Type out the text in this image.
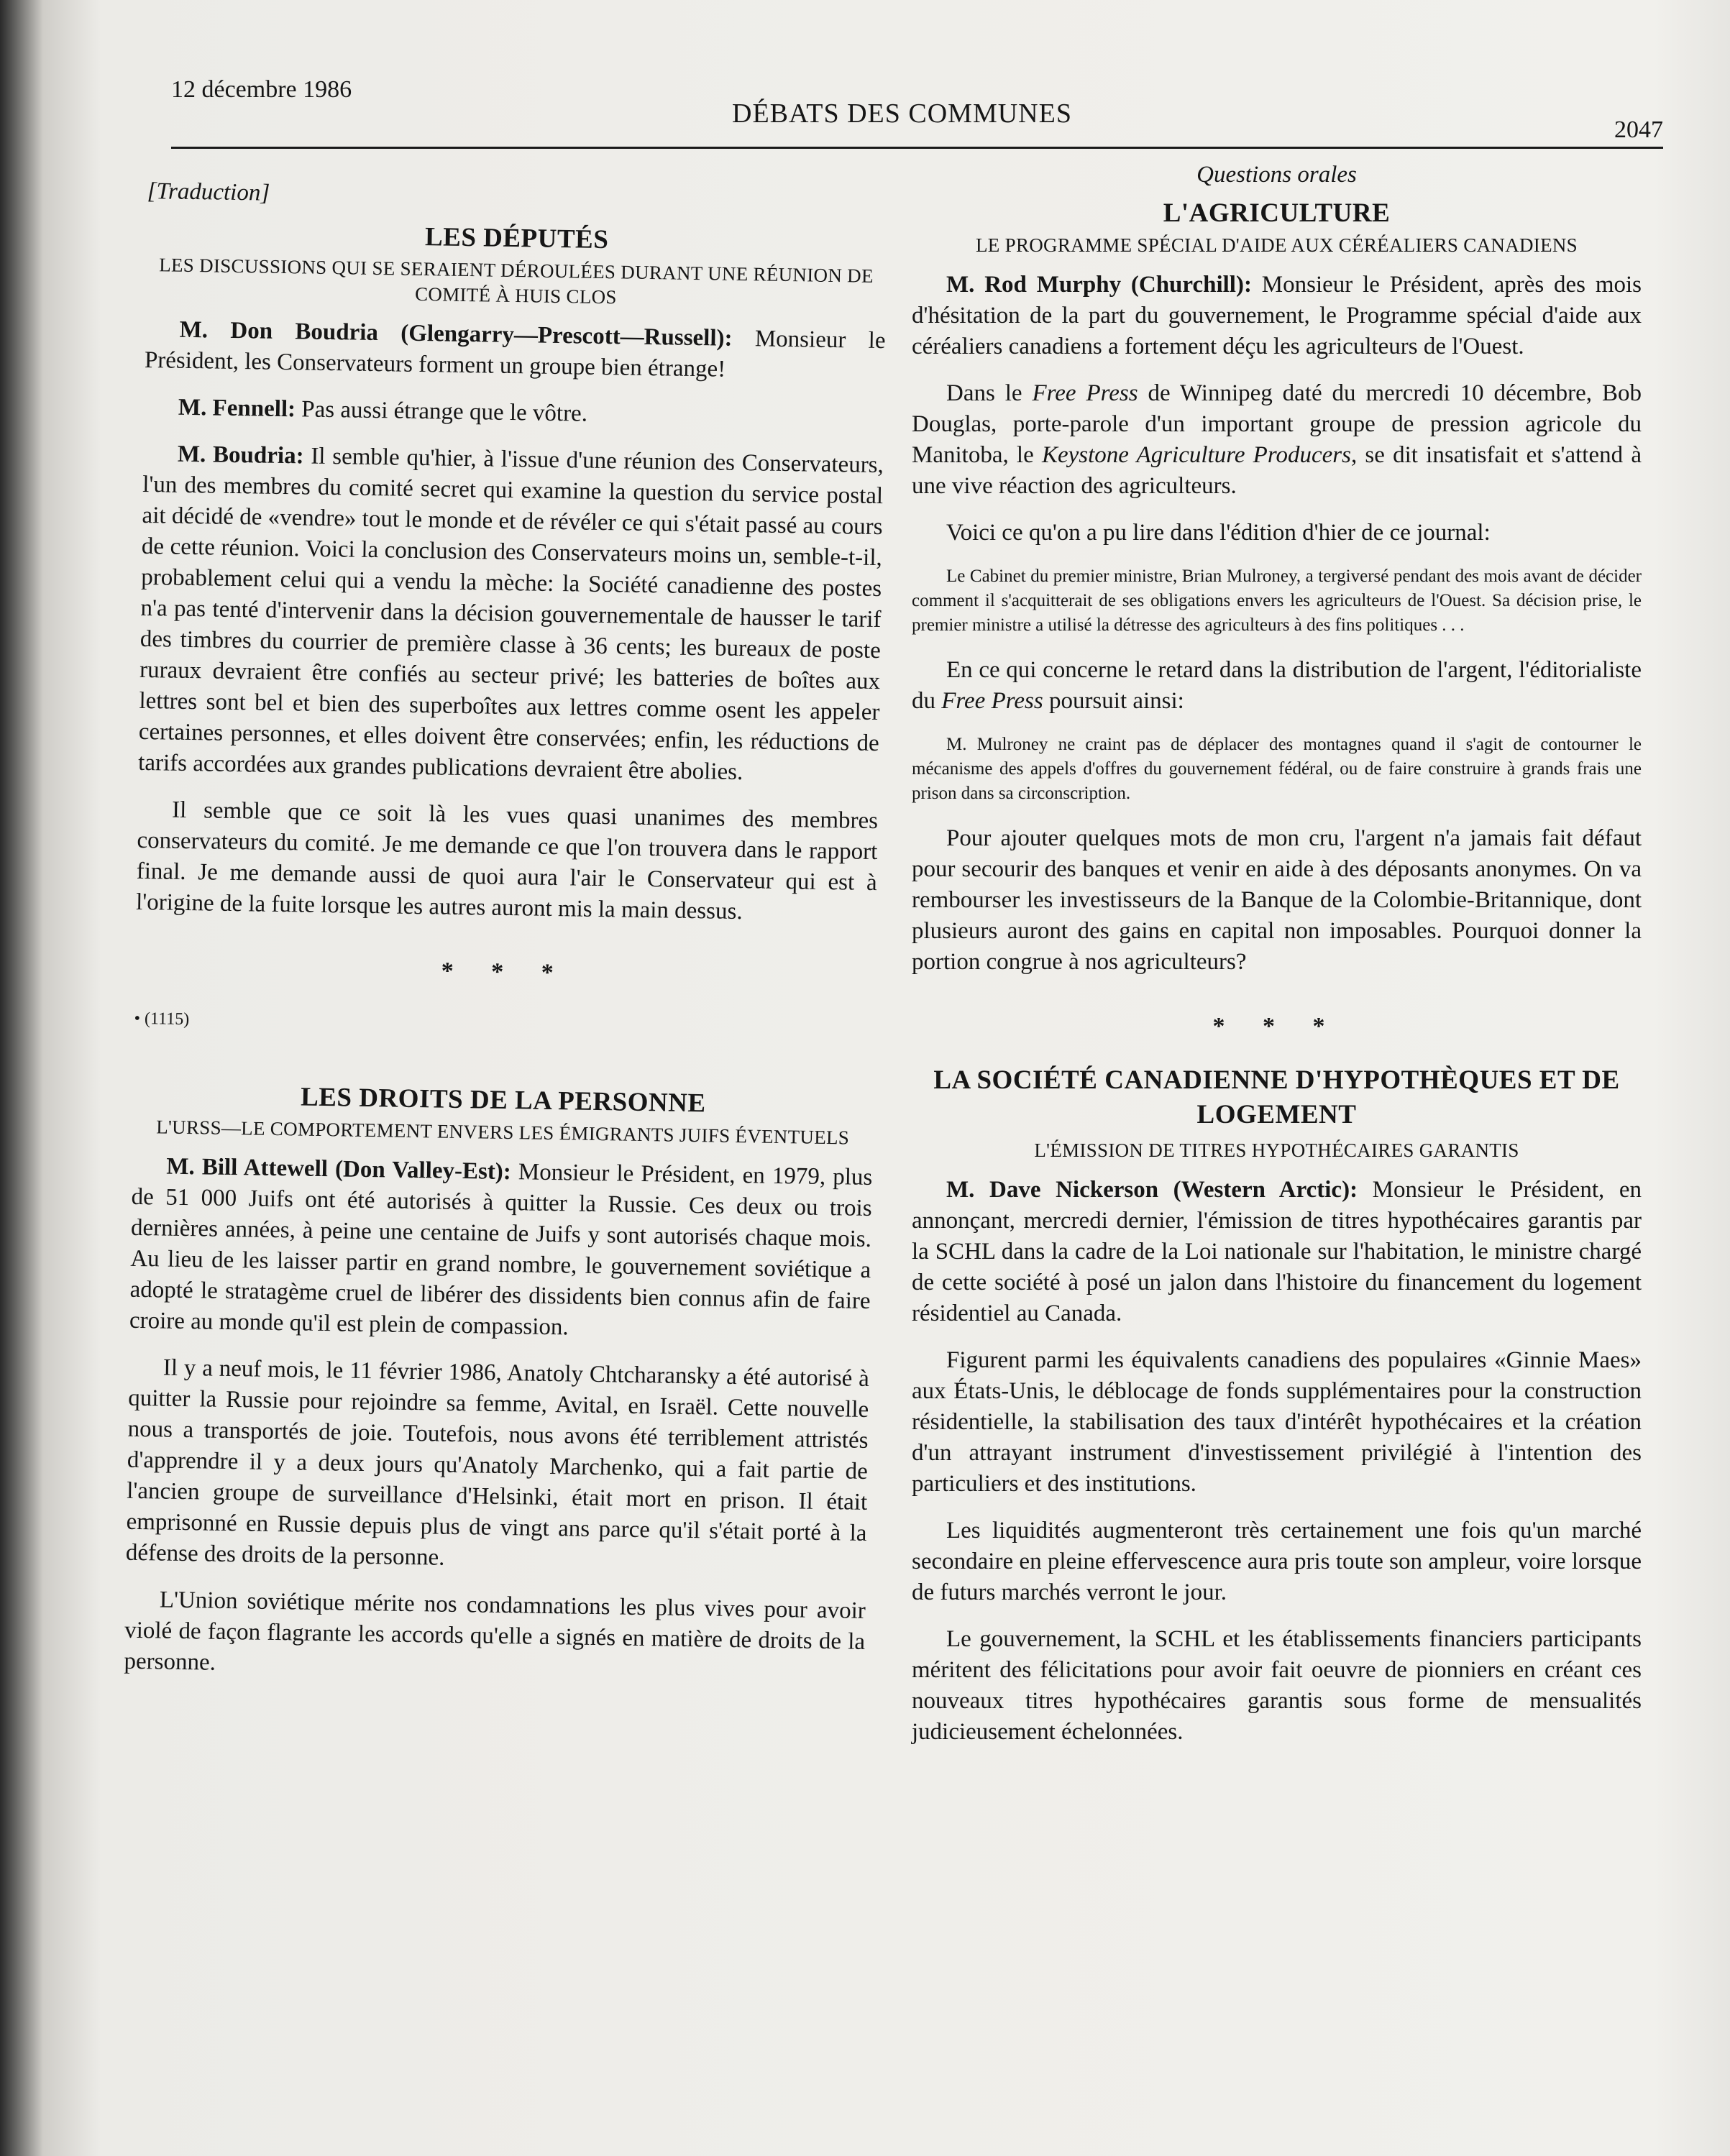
12 décembre 1986
DÉBATS DES COMMUNES
2047
[Traduction]
LES DÉPUTÉS
LES DISCUSSIONS QUI SE SERAIENT DÉROULÉES DURANT UNE RÉUNION DE COMITÉ À HUIS CLOS

M. Don Boudria (Glengarry—Prescott—Russell): Monsieur le Président, les Conservateurs forment un groupe bien étrange!

M. Fennell: Pas aussi étrange que le vôtre.

M. Boudria: Il semble qu'hier, à l'issue d'une réunion des Conservateurs, l'un des membres du comité secret qui examine la question du service postal ait décidé de «vendre» tout le monde et de révéler ce qui s'était passé au cours de cette réunion. Voici la conclusion des Conservateurs moins un, semble-t-il, probablement celui qui a vendu la mèche: la Société canadienne des postes n'a pas tenté d'intervenir dans la décision gouvernementale de hausser le tarif des timbres du courrier de première classe à 36 cents; les bureaux de poste ruraux devraient être confiés au secteur privé; les batteries de boîtes aux lettres sont bel et bien des superboîtes aux lettres comme osent les appeler certaines personnes, et elles doivent être conservées; enfin, les réductions de tarifs accordées aux grandes publications devraient être abolies.

Il semble que ce soit là les vues quasi unanimes des membres conservateurs du comité. Je me demande ce que l'on trouvera dans le rapport final. Je me demande aussi de quoi aura l'air le Conservateur qui est à l'origine de la fuite lorsque les autres auront mis la main dessus.

* * *

• (1115)

LES DROITS DE LA PERSONNE
L'URSS—LE COMPORTEMENT ENVERS LES ÉMIGRANTS JUIFS ÉVENTUELS

M. Bill Attewell (Don Valley-Est): Monsieur le Président, en 1979, plus de 51 000 Juifs ont été autorisés à quitter la Russie. Ces deux ou trois dernières années, à peine une centaine de Juifs y sont autorisés chaque mois. Au lieu de les laisser partir en grand nombre, le gouvernement soviétique a adopté le stratagème cruel de libérer des dissidents bien connus afin de faire croire au monde qu'il est plein de compassion.

Il y a neuf mois, le 11 février 1986, Anatoly Chtcharansky a été autorisé à quitter la Russie pour rejoindre sa femme, Avital, en Israël. Cette nouvelle nous a transportés de joie. Toutefois, nous avons été terriblement attristés d'apprendre il y a deux jours qu'Anatoly Marchenko, qui a fait partie de l'ancien groupe de surveillance d'Helsinki, était mort en prison. Il était emprisonné en Russie depuis plus de vingt ans parce qu'il s'était porté à la défense des droits de la personne.

L'Union soviétique mérite nos condamnations les plus vives pour avoir violé de façon flagrante les accords qu'elle a signés en matière de droits de la personne.

Questions orales
L'AGRICULTURE
LE PROGRAMME SPÉCIAL D'AIDE AUX CÉRÉALIERS CANADIENS

M. Rod Murphy (Churchill): Monsieur le Président, après des mois d'hésitation de la part du gouvernement, le Programme spécial d'aide aux céréaliers canadiens a fortement déçu les agriculteurs de l'Ouest.

Dans le Free Press de Winnipeg daté du mercredi 10 décembre, Bob Douglas, porte-parole d'un important groupe de pression agricole du Manitoba, le Keystone Agriculture Producers, se dit insatisfait et s'attend à une vive réaction des agriculteurs.

Voici ce qu'on a pu lire dans l'édition d'hier de ce journal:

Le Cabinet du premier ministre, Brian Mulroney, a tergiversé pendant des mois avant de décider comment il s'acquitterait de ses obligations envers les agriculteurs de l'Ouest. Sa décision prise, le premier ministre a utilisé la détresse des agriculteurs à des fins politiques . . .

En ce qui concerne le retard dans la distribution de l'argent, l'éditorialiste du Free Press poursuit ainsi:

M. Mulroney ne craint pas de déplacer des montagnes quand il s'agit de contourner le mécanisme des appels d'offres du gouvernement fédéral, ou de faire construire à grands frais une prison dans sa circonscription.

Pour ajouter quelques mots de mon cru, l'argent n'a jamais fait défaut pour secourir des banques et venir en aide à des déposants anonymes. On va rembourser les investisseurs de la Banque de la Colombie-Britannique, dont plusieurs auront des gains en capital non imposables. Pourquoi donner la portion congrue à nos agriculteurs?

* * *
LA SOCIÉTÉ CANADIENNE D'HYPOTHÈQUES ET DE LOGEMENT
L'ÉMISSION DE TITRES HYPOTHÉCAIRES GARANTIS

M. Dave Nickerson (Western Arctic): Monsieur le Président, en annonçant, mercredi dernier, l'émission de titres hypothécaires garantis par la SCHL dans la cadre de la Loi nationale sur l'habitation, le ministre chargé de cette société à posé un jalon dans l'histoire du financement du logement résidentiel au Canada.

Figurent parmi les équivalents canadiens des populaires «Ginnie Maes» aux États-Unis, le déblocage de fonds supplémentaires pour la construction résidentielle, la stabilisation des taux d'intérêt hypothécaires et la création d'un attrayant instrument d'investissement privilégié à l'intention des particuliers et des institutions.

Les liquidités augmenteront très certainement une fois qu'un marché secondaire en pleine effervescence aura pris toute son ampleur, voire lorsque de futurs marchés verront le jour.

Le gouvernement, la SCHL et les établissements financiers participants méritent des félicitations pour avoir fait oeuvre de pionniers en créant ces nouveaux titres hypothécaires garantis sous forme de mensualités judicieusement échelonnées.
